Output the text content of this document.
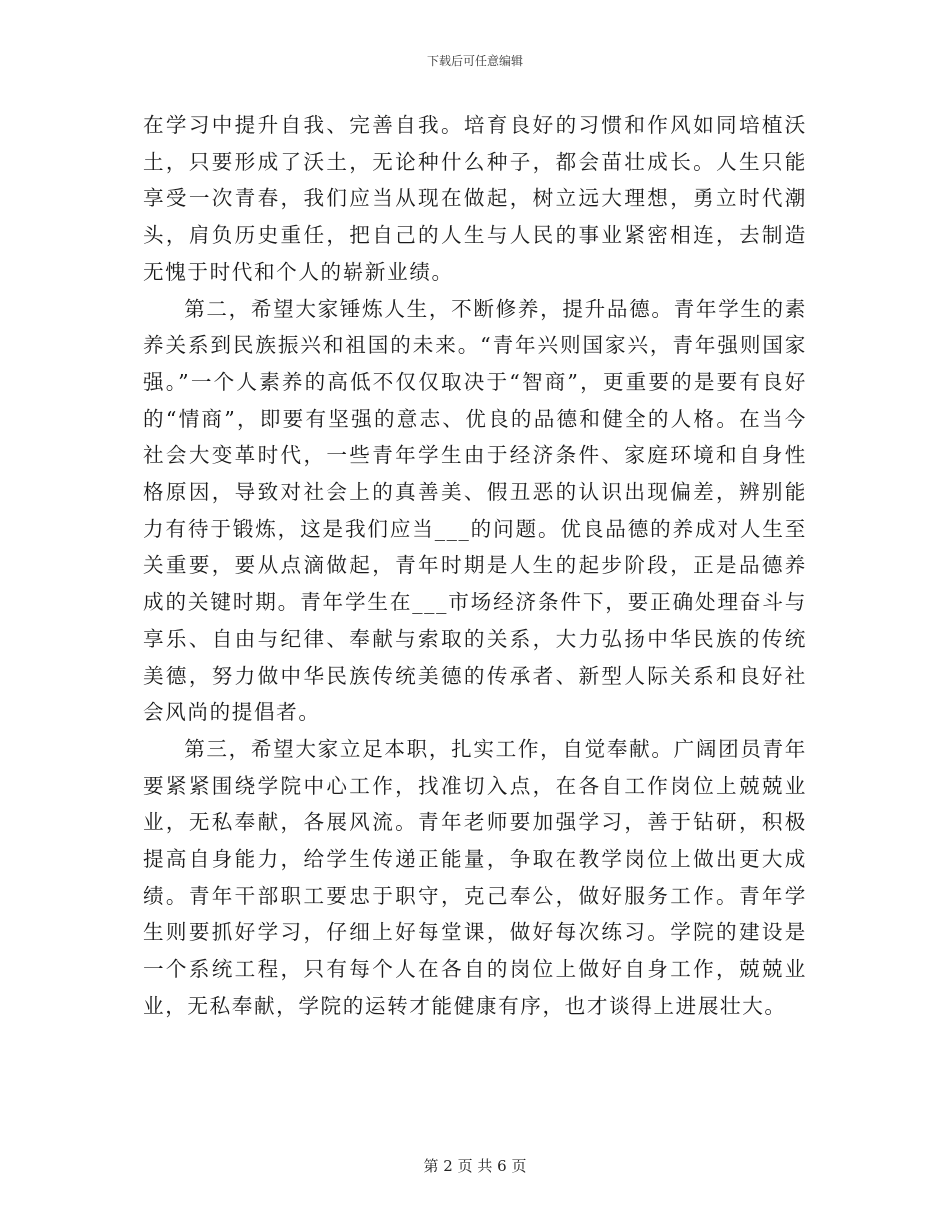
下载后可任意编辑

在学习中提升自我、完善自我。培育良好的习惯和作风如同培植沃土，只要形成了沃土，无论种什么种子，都会苗壮成长。人生只能享受一次青春，我们应当从现在做起，树立远大理想，勇立时代潮头，肩负历史重任，把自己的人生与人民的事业紧密相连，去制造无愧于时代和个人的崭新业绩。

第二，希望大家锤炼人生，不断修养，提升品德。青年学生的素养关系到民族振兴和祖国的未来。“青年兴则国家兴，青年强则国家强。”一个人素养的高低不仅仅取决于“智商”，更重要的是要有良好的“情商”，即要有坚强的意志、优良的品德和健全的人格。在当今社会大变革时代，一些青年学生由于经济条件、家庭环境和自身性格原因，导致对社会上的真善美、假丑恶的认识出现偏差，辨别能力有待于锻炼，这是我们应当___的问题。优良品德的养成对人生至关重要，要从点滴做起，青年时期是人生的起步阶段，正是品德养成的关键时期。青年学生在___市场经济条件下，要正确处理奋斗与享乐、自由与纪律、奉献与索取的关系，大力弘扬中华民族的传统美德，努力做中华民族传统美德的传承者、新型人际关系和良好社会风尚的提倡者。

第三，希望大家立足本职，扎实工作，自觉奉献。广阔团员青年要紧紧围绕学院中心工作，找准切入点，在各自工作岗位上兢兢业业，无私奉献，各展风流。青年老师要加强学习，善于钻研，积极提高自身能力，给学生传递正能量，争取在教学岗位上做出更大成绩。青年干部职工要忠于职守，克己奉公，做好服务工作。青年学生则要抓好学习，仔细上好每堂课，做好每次练习。学院的建设是一个系统工程，只有每个人在各自的岗位上做好自身工作，兢兢业业，无私奉献，学院的运转才能健康有序，也才谈得上进展壮大。

第 2 页 共 6 页
